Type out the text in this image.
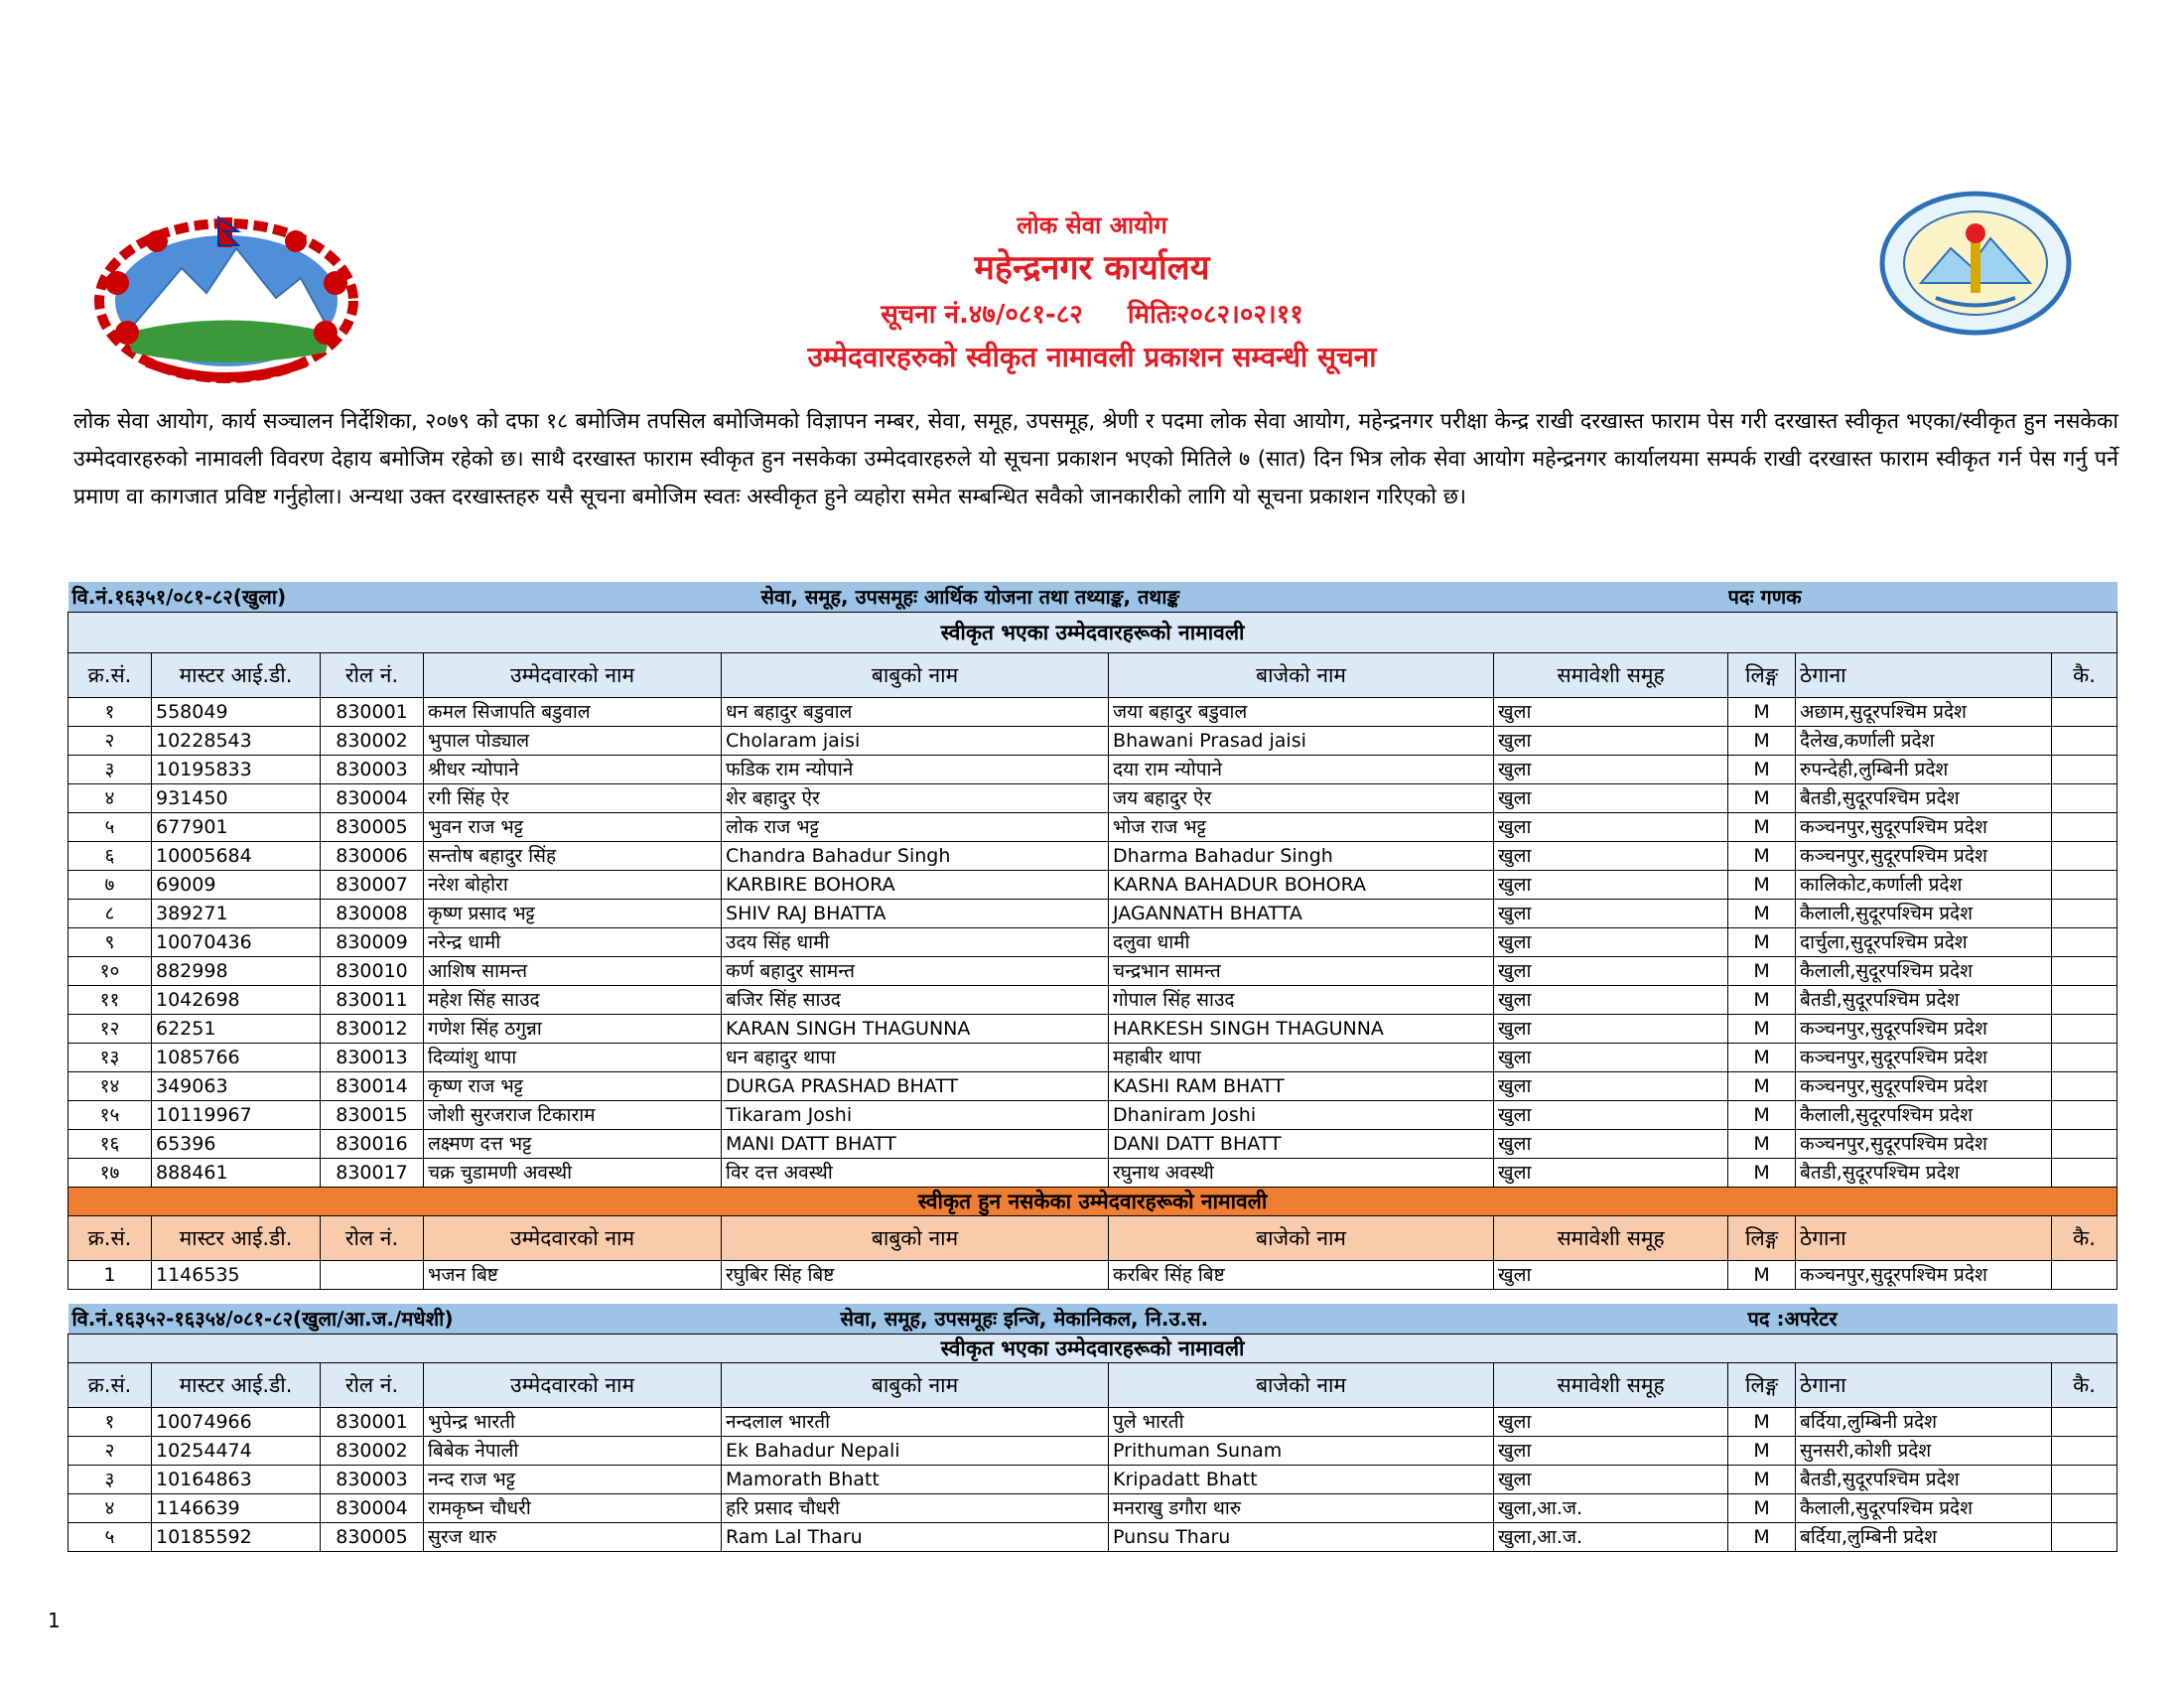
लोक सेवा आयोग
महेन्द्रनगर कार्यालय
सूचना नं.४७/०८१-८२ मितिः२०८२।०२।११
उम्मेदवारहरुको स्वीकृत नामावली प्रकाशन सम्वन्धी सूचना
लोक सेवा आयोग, कार्य सञ्चालन निर्देशिका, २०७९ को दफा १८ बमोजिम तपसिल बमोजिमको विज्ञापन नम्बर, सेवा, समूह, उपसमूह, श्रेणी र पदमा लोक सेवा आयोग, महेन्द्रनगर परीक्षा केन्द्र राखी दरखास्त फाराम पेस गरी दरखास्त स्वीकृत भएका/स्वीकृत हुन नसकेका उम्मेदवारहरुको नामावली विवरण देहाय बमोजिम रहेको छ। साथै दरखास्त फाराम स्वीकृत हुन नसकेका उम्मेदवारहरुले यो सूचना प्रकाशन भएको मितिले ७ (सात) दिन भित्र लोक सेवा आयोग महेन्द्रनगर कार्यालयमा सम्पर्क राखी दरखास्त फाराम स्वीकृत गर्न पेस गर्नु पर्ने प्रमाण वा कागजात प्रविष्ट गर्नुहोला। अन्यथा उक्त दरखास्तहरु यसै सूचना बमोजिम स्वतः अस्वीकृत हुने व्यहोरा समेत सम्बन्धित सवैको जानकारीको लागि यो सूचना प्रकाशन गरिएको छ।
वि.नं.१६३५१/०८१-८२(खुला)				सेवा, समूह, उपसमूहः आर्थिक योजना तथा तथ्याङ्क, तथाङ्क			पदः गणक		
स्वीकृत भएका उम्मेदवारहरूको नामावली									
क्र.सं.	मास्टर आई.डी.	रोल नं.	उम्मेदवारको नाम	बाबुको नाम	बाजेको नाम	समावेशी समूह	लिङ्ग	ठेगाना	कै.
१	558049	830001	कमल सिजापति बडुवाल	धन बहादुर बडुवाल	जया बहादुर बडुवाल	खुला	M	अछाम,सुदूरपश्चिम प्रदेश	
२	10228543	830002	भुपाल पोड्याल	Cholaram jaisi	Bhawani Prasad jaisi	खुला	M	दैलेख,कर्णाली प्रदेश	
३	10195833	830003	श्रीधर न्योपाने	फडिक राम न्योपाने	दया राम न्योपाने	खुला	M	रुपन्देही,लुम्बिनी प्रदेश	
४	931450	830004	रगी सिंह ऐर	शेर बहादुर ऐर	जय बहादुर ऐर	खुला	M	बैतडी,सुदूरपश्चिम प्रदेश	
५	677901	830005	भुवन राज भट्ट	लोक राज भट्ट	भोज राज भट्ट	खुला	M	कञ्चनपुर,सुदूरपश्चिम प्रदेश	
६	10005684	830006	सन्तोष बहादुर सिंह	Chandra Bahadur Singh	Dharma Bahadur Singh	खुला	M	कञ्चनपुर,सुदूरपश्चिम प्रदेश	
७	69009	830007	नरेश बोहोरा	KARBIRE BOHORA	KARNA BAHADUR BOHORA	खुला	M	कालिकोट,कर्णाली प्रदेश	
८	389271	830008	कृष्ण प्रसाद भट्ट	SHIV RAJ BHATTA	JAGANNATH BHATTA	खुला	M	कैलाली,सुदूरपश्चिम प्रदेश	
९	10070436	830009	नरेन्द्र धामी	उदय सिंह धामी	दलुवा धामी	खुला	M	दार्चुला,सुदूरपश्चिम प्रदेश	
१०	882998	830010	आशिष सामन्त	कर्ण बहादुर सामन्त	चन्द्रभान सामन्त	खुला	M	कैलाली,सुदूरपश्चिम प्रदेश	
११	1042698	830011	महेश सिंह साउद	बजिर सिंह साउद	गोपाल सिंह साउद	खुला	M	बैतडी,सुदूरपश्चिम प्रदेश	
१२	62251	830012	गणेश सिंह ठगुन्ना	KARAN SINGH THAGUNNA	HARKESH SINGH THAGUNNA	खुला	M	कञ्चनपुर,सुदूरपश्चिम प्रदेश	
१३	1085766	830013	दिव्यांशु थापा	धन बहादुर थापा	महाबीर थापा	खुला	M	कञ्चनपुर,सुदूरपश्चिम प्रदेश	
१४	349063	830014	कृष्ण राज भट्ट	DURGA PRASHAD BHATT	KASHI RAM BHATT	खुला	M	कञ्चनपुर,सुदूरपश्चिम प्रदेश	
१५	10119967	830015	जोशी सुरजराज टिकाराम	Tikaram Joshi	Dhaniram Joshi	खुला	M	कैलाली,सुदूरपश्चिम प्रदेश	
१६	65396	830016	लक्ष्मण दत्त भट्ट	MANI DATT BHATT	DANI DATT BHATT	खुला	M	कञ्चनपुर,सुदूरपश्चिम प्रदेश	
१७	888461	830017	चक्र चुडामणी अवस्थी	विर दत्त अवस्थी	रघुनाथ अवस्थी	खुला	M	बैतडी,सुदूरपश्चिम प्रदेश	
स्वीकृत हुन नसकेका उम्मेदवारहरूको नामावली									
क्र.सं.	मास्टर आई.डी.	रोल नं.	उम्मेदवारको नाम	बाबुको नाम	बाजेको नाम	समावेशी समूह	लिङ्ग	ठेगाना	कै.
1	1146535		भजन बिष्ट	रघुबिर सिंह बिष्ट	करबिर सिंह बिष्ट	खुला	M	कञ्चनपुर,सुदूरपश्चिम प्रदेश	
वि.नं.१६३५२-१६३५४/०८१-८२(खुला/आ.ज./मधेशी)				सेवा, समूह, उपसमूहः इन्जि, मेकानिकल, नि.उ.स.			पद :अपरेटर		
स्वीकृत भएका उम्मेदवारहरूको नामावली									
क्र.सं.	मास्टर आई.डी.	रोल नं.	उम्मेदवारको नाम	बाबुको नाम	बाजेको नाम	समावेशी समूह	लिङ्ग	ठेगाना	कै.
१	10074966	830001	भुपेन्द्र भारती	नन्दलाल भारती	पुले भारती	खुला	M	बर्दिया,लुम्बिनी प्रदेश	
२	10254474	830002	बिबेक नेपाली	Ek Bahadur Nepali	Prithuman Sunam	खुला	M	सुनसरी,कोशी प्रदेश	
३	10164863	830003	नन्द राज भट्ट	Mamorath Bhatt	Kripadatt Bhatt	खुला	M	बैतडी,सुदूरपश्चिम प्रदेश	
४	1146639	830004	रामकृष्न चौधरी	हरि प्रसाद चौधरी	मनराखु डगौरा थारु	खुला,आ.ज.	M	कैलाली,सुदूरपश्चिम प्रदेश	
५	10185592	830005	सुरज थारु	Ram Lal Tharu	Punsu Tharu	खुला,आ.ज.	M	बर्दिया,लुम्बिनी प्रदेश	
1
